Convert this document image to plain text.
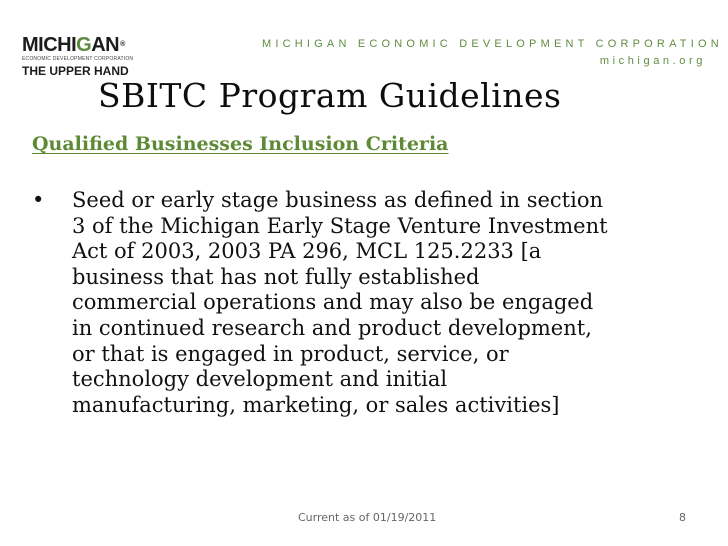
MICHIGAN®
ECONOMIC DEVELOPMENT CORPORATION
THE UPPER HAND
MICHIGAN ECONOMIC DEVELOPMENT CORPORATION
michigan.org
SBITC Program Guidelines
Qualified Businesses Inclusion Criteria
•	Seed or early stage business as defined in section
3 of the Michigan Early Stage Venture Investment
Act of 2003, 2003 PA 296, MCL 125.2233 [a
business that has not fully established
commercial operations and may also be engaged
in continued research and product development,
or that is engaged in product, service, or
technology development and initial
manufacturing, marketing, or sales activities]
Current as of 01/19/2011	8
